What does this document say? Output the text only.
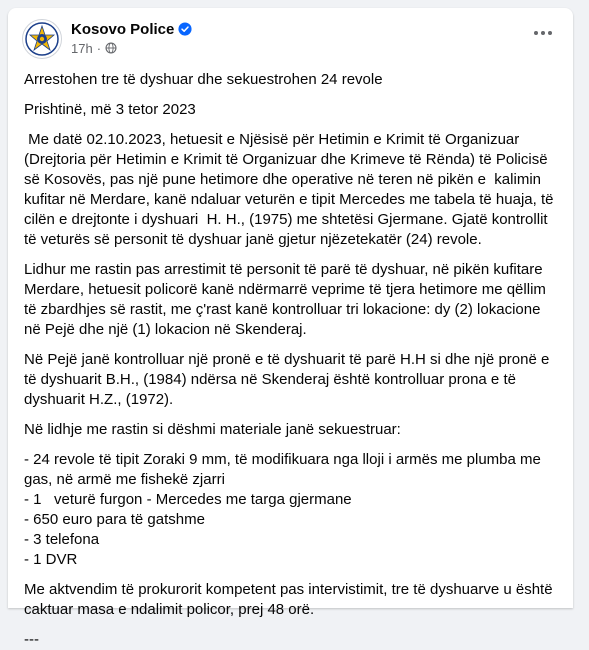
Kosovo Police
17h ·

Arrestohen tre të dyshuar dhe sekuestrohen 24 revole

Prishtinë, më 3 tetor 2023

Me datë 02.10.2023, hetuesit e Njësisë për Hetimin e Krimit të Organizuar (Drejtoria për Hetimin e Krimit të Organizuar dhe Krimeve të Rënda) të Policisë së Kosovës, pas një pune hetimore dhe operative në teren në pikën e  kalimin kufitar në Merdare, kanë ndaluar veturën e tipit Mercedes me tabela të huaja, të cilën e drejtonte i dyshuari  H. H., (1975) me shtetësi Gjermane. Gjatë kontrollit të veturës së personit të dyshuar janë gjetur njëzetekatër (24) revole.

Lidhur me rastin pas arrestimit të personit të parë të dyshuar, në pikën kufitare Merdare, hetuesit policorë kanë ndërmarrë veprime të tjera hetimore me qëllim të zbardhjes së rastit, me ç'rast kanë kontrolluar tri lokacione: dy (2) lokacione në Pejë dhe një (1) lokacion në Skenderaj.

Në Pejë janë kontrolluar një pronë e të dyshuarit të parë H.H si dhe një pronë e të dyshuarit B.H., (1984) ndërsa në Skenderaj është kontrolluar prona e të dyshuarit H.Z., (1972).

Në lidhje me rastin si dëshmi materiale janë sekuestruar:

- 24 revole të tipit Zoraki 9 mm, të modifikuara nga lloji i armës me plumba me gas, në armë me fishekë zjarri
- 1   veturë furgon - Mercedes me targa gjermane
- 650 euro para të gatshme
- 3 telefona
- 1 DVR

Me aktvendim të prokurorit kompetent pas intervistimit, tre të dyshuarve u është caktuar masa e ndalimit policor, prej 48 orë.

---
